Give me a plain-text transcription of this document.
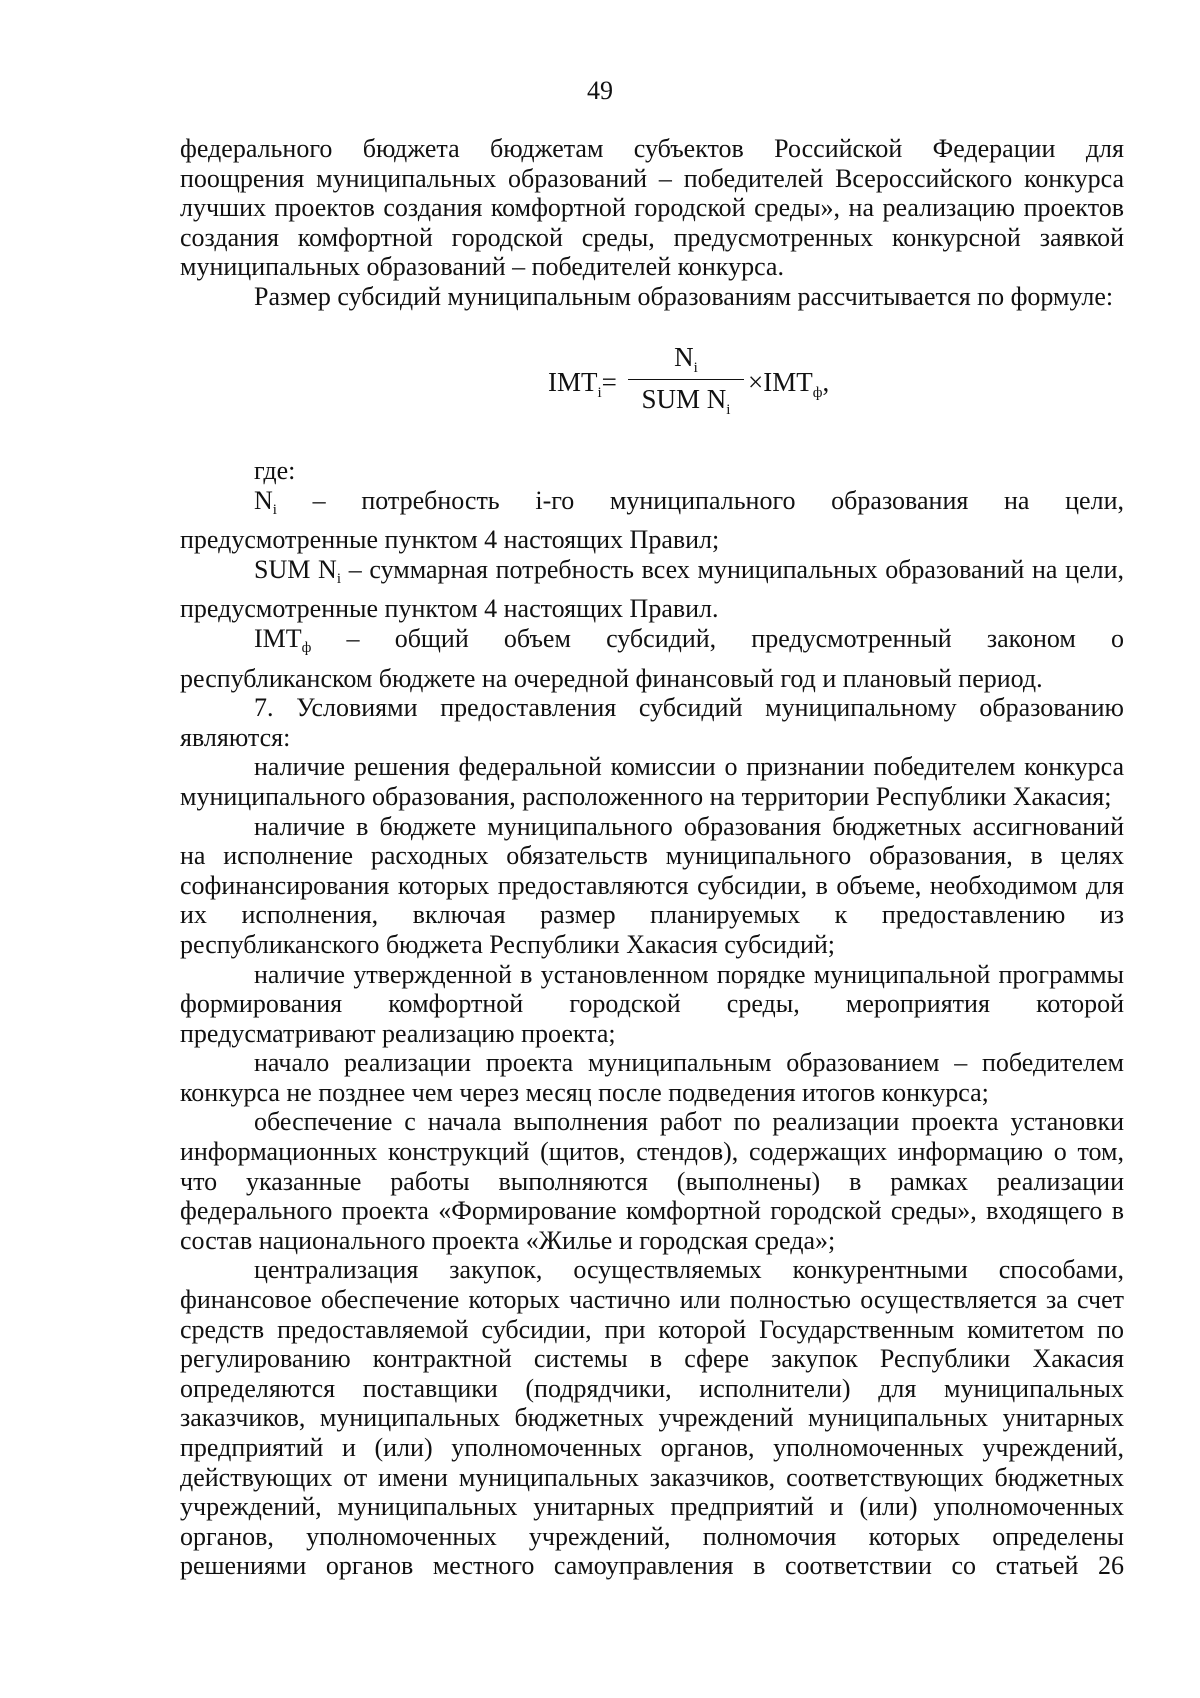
49

федерального бюджета бюджетам субъектов Российской Федерации для

поощрения муниципальных образований – победителей Всероссийского конкурса лучших проектов создания комфортной городской среды», на реализацию проектов создания комфортной городской среды, предусмотренных конкурсной заявкой муниципальных образований – победителей конкурса.

Размер субсидий муниципальным образованиям рассчитывается по формуле:

$IMT_i=$
$N_i$
SUM $N_i$
$\times IMT_ф$,

где:

$N_i$ – потребность i-го муниципального образования на цели,

предусмотренные пунктом 4 настоящих Правил;

SUM $N_i$ – суммарная потребность всех муниципальных образований на цели,

предусмотренные пунктом 4 настоящих Правил.

$IMT_ф$ – общий объем субсидий, предусмотренный законом о

республиканском бюджете на очередной финансовый год и плановый период.

7. Условиями предоставления субсидий муниципальному образованию являются:

наличие решения федеральной комиссии о признании победителем конкурса муниципального образования, расположенного на территории Республики Хакасия;

наличие в бюджете муниципального образования бюджетных ассигнований на исполнение расходных обязательств муниципального образования, в целях софинансирования которых предоставляются субсидии, в объеме, необходимом для их исполнения, включая размер планируемых к предоставлению из республиканского бюджета Республики Хакасия субсидий;

наличие утвержденной в установленном порядке муниципальной программы формирования комфортной городской среды, мероприятия которой предусматривают реализацию проекта;

начало реализации проекта муниципальным образованием – победителем конкурса не позднее чем через месяц после подведения итогов конкурса;

обеспечение с начала выполнения работ по реализации проекта установки информационных конструкций (щитов, стендов), содержащих информацию о том, что указанные работы выполняются (выполнены) в рамках реализации федерального проекта «Формирование комфортной городской среды», входящего в состав национального проекта «Жилье и городская среда»;

централизация закупок, осуществляемых конкурентными способами, финансовое обеспечение которых частично или полностью осуществляется за счет средств предоставляемой субсидии, при которой Государственным комитетом по регулированию контрактной системы в сфере закупок Республики Хакасия определяются поставщики (подрядчики, исполнители) для муниципальных заказчиков, муниципальных бюджетных учреждений муниципальных унитарных предприятий и (или) уполномоченных органов, уполномоченных учреждений, действующих от имени муниципальных заказчиков, соответствующих бюджетных учреждений, муниципальных унитарных предприятий и (или) уполномоченных органов, уполномоченных учреждений, полномочия которых определены решениями органов местного самоуправления в соответствии со статьей 26
